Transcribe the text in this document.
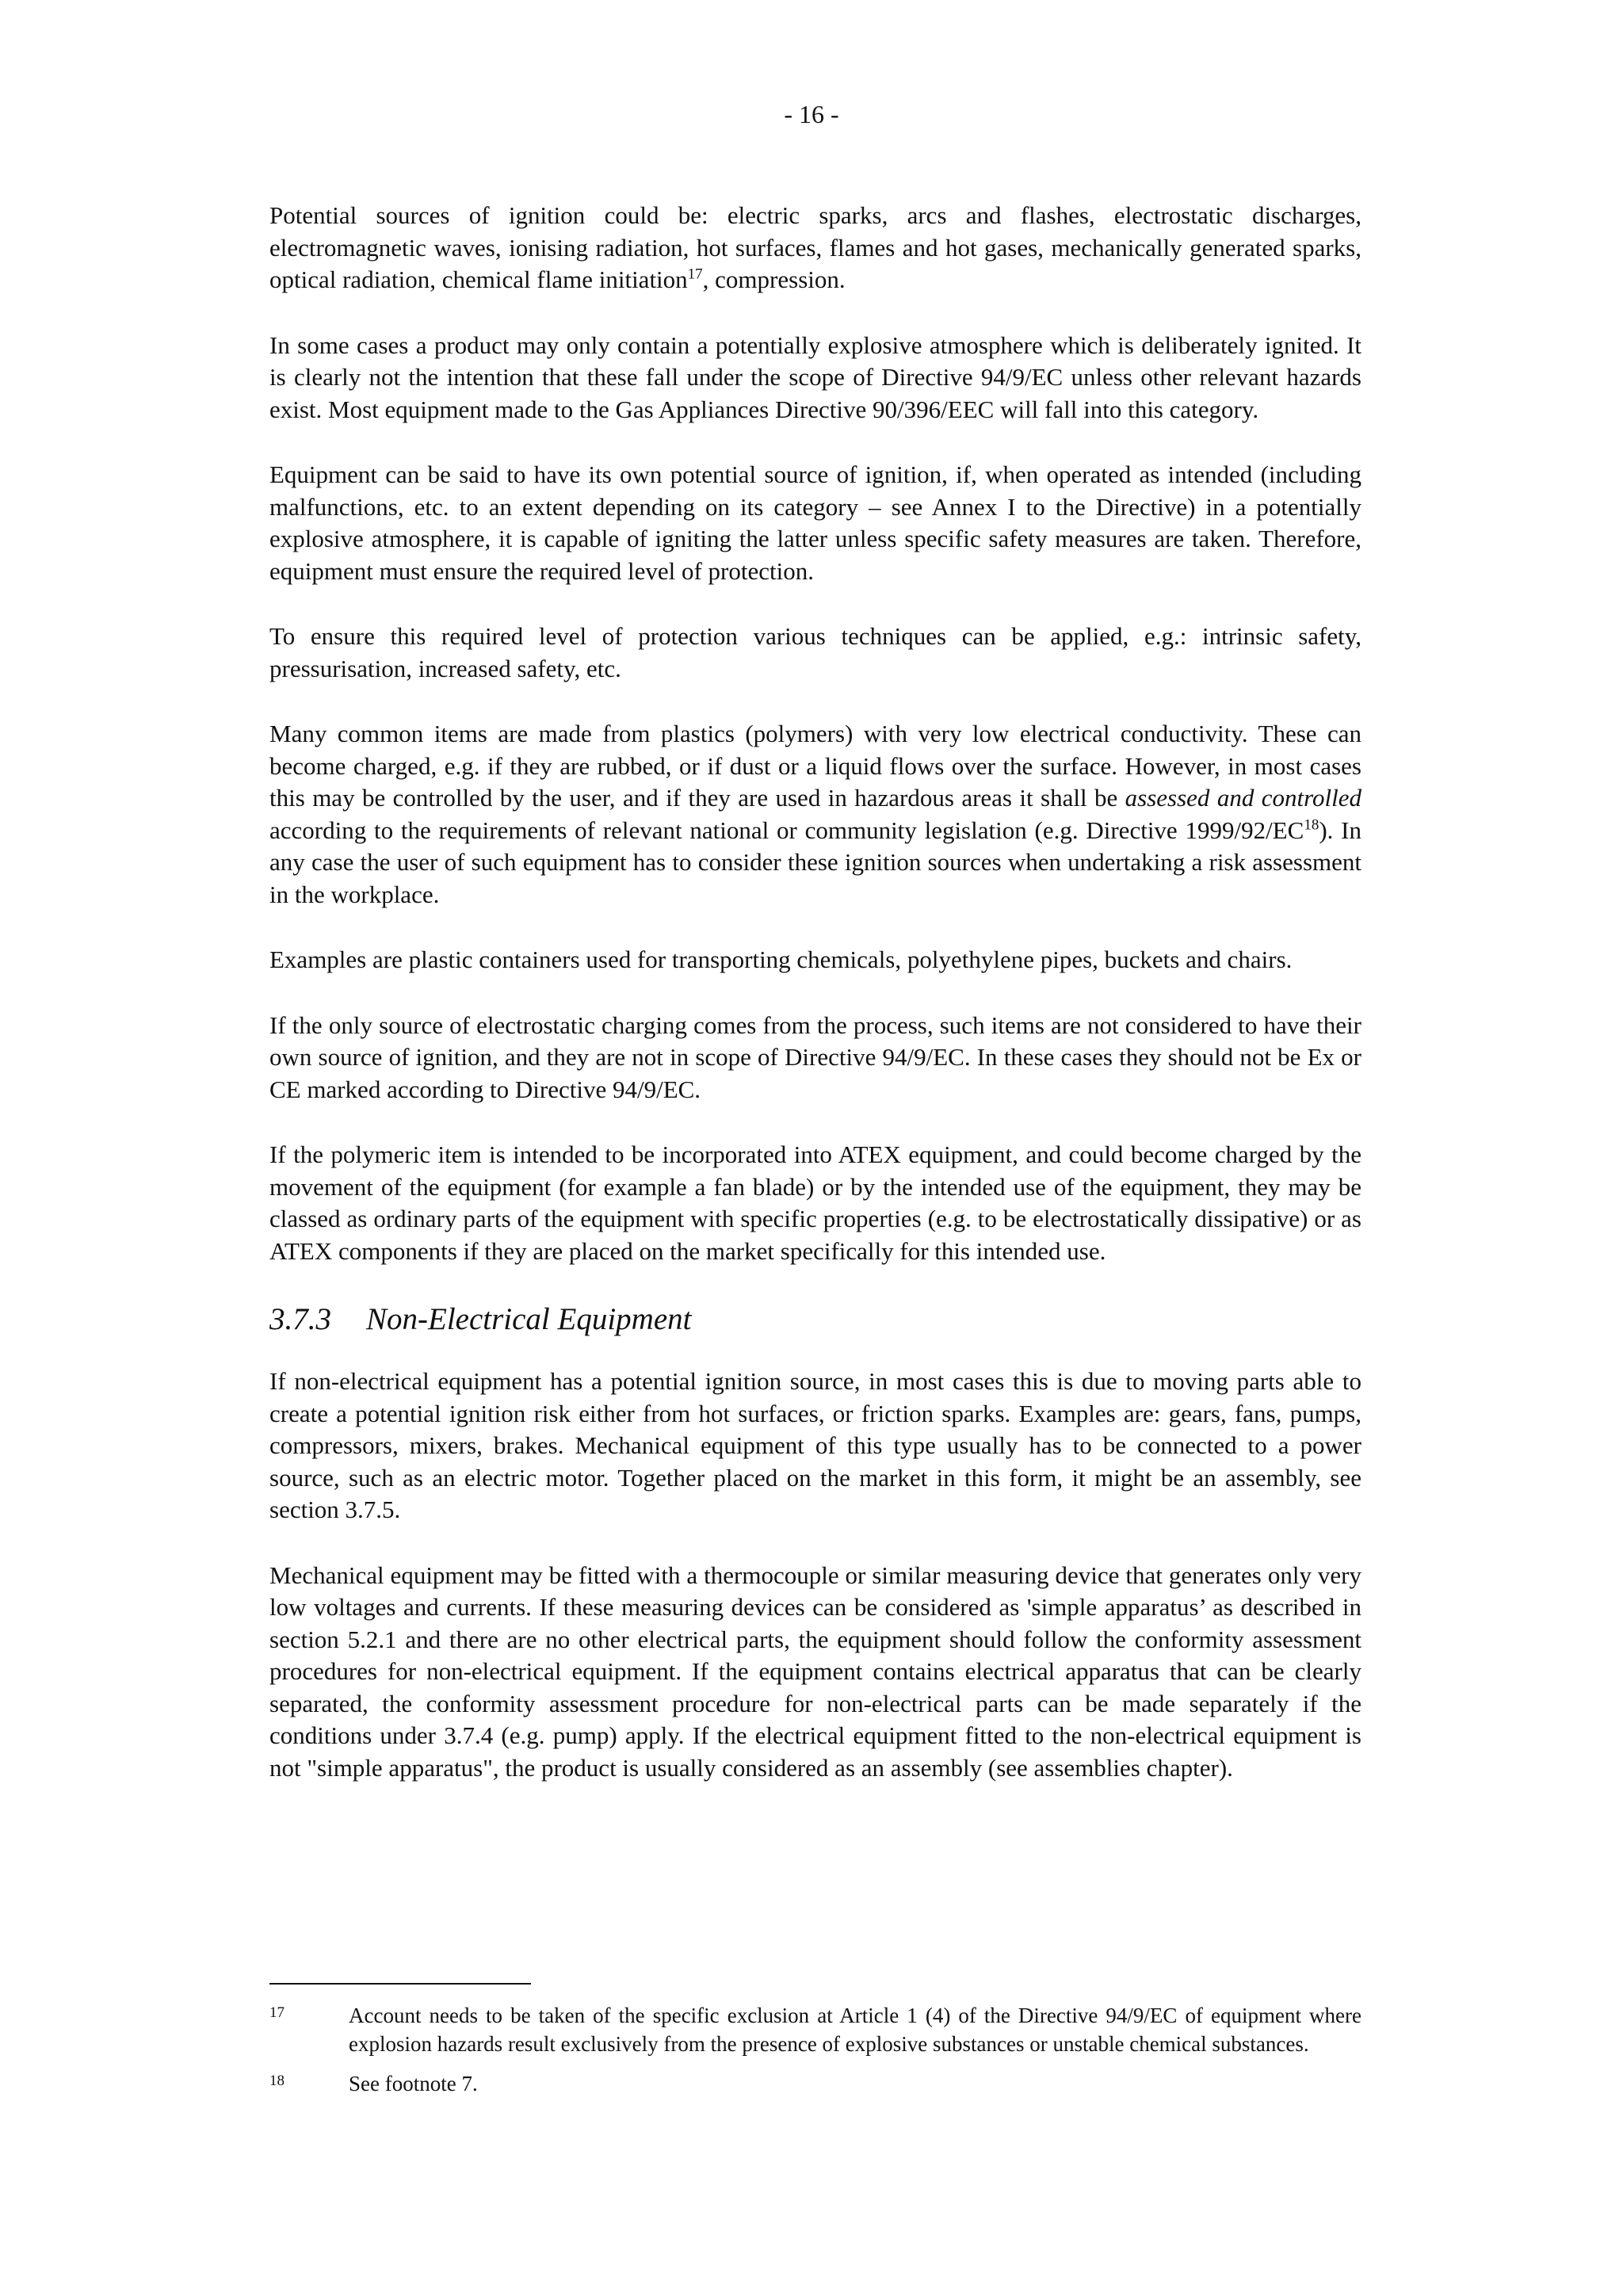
- 16 -

Potential sources of ignition could be: electric sparks, arcs and flashes, electrostatic discharges, electromagnetic waves, ionising radiation, hot surfaces, flames and hot gases, mechanically generated sparks, optical radiation, chemical flame initiation$^{17}$, compression.

In some cases a product may only contain a potentially explosive atmosphere which is deliberately ignited. It is clearly not the intention that these fall under the scope of Directive 94/9/EC unless other relevant hazards exist. Most equipment made to the Gas Appliances Directive 90/396/EEC will fall into this category.

Equipment can be said to have its own potential source of ignition, if, when operated as intended (including malfunctions, etc. to an extent depending on its category – see Annex I to the Directive) in a potentially explosive atmosphere, it is capable of igniting the latter unless specific safety measures are taken. Therefore, equipment must ensure the required level of protection.

To ensure this required level of protection various techniques can be applied, e.g.: intrinsic safety, pressurisation, increased safety, etc.

Many common items are made from plastics (polymers) with very low electrical conductivity. These can become charged, e.g. if they are rubbed, or if dust or a liquid flows over the surface. However, in most cases this may be controlled by the user, and if they are used in hazardous areas it shall be assessed and controlled according to the requirements of relevant national or community legislation (e.g. Directive 1999/92/EC$^{18}$). In any case the user of such equipment has to consider these ignition sources when undertaking a risk assessment in the workplace.

Examples are plastic containers used for transporting chemicals, polyethylene pipes, buckets and chairs.

If the only source of electrostatic charging comes from the process, such items are not considered to have their own source of ignition, and they are not in scope of Directive 94/9/EC. In these cases they should not be Ex or CE marked according to Directive 94/9/EC.

If the polymeric item is intended to be incorporated into ATEX equipment, and could become charged by the movement of the equipment (for example a fan blade) or by the intended use of the equipment, they may be classed as ordinary parts of the equipment with specific properties (e.g. to be electrostatically dissipative) or as ATEX components if they are placed on the market specifically for this intended use.

3.7.3 Non-Electrical Equipment

If non-electrical equipment has a potential ignition source, in most cases this is due to moving parts able to create a potential ignition risk either from hot surfaces, or friction sparks. Examples are: gears, fans, pumps, compressors, mixers, brakes. Mechanical equipment of this type usually has to be connected to a power source, such as an electric motor. Together placed on the market in this form, it might be an assembly, see section 3.7.5.

Mechanical equipment may be fitted with a thermocouple or similar measuring device that generates only very low voltages and currents. If these measuring devices can be considered as 'simple apparatus’ as described in section 5.2.1 and there are no other electrical parts, the equipment should follow the conformity assessment procedures for non-electrical equipment. If the equipment contains electrical apparatus that can be clearly separated, the conformity assessment procedure for non-electrical parts can be made separately if the conditions under 3.7.4 (e.g. pump) apply. If the electrical equipment fitted to the non-electrical equipment is not "simple apparatus", the product is usually considered as an assembly (see assemblies chapter).

17	Account needs to be taken of the specific exclusion at Article 1 (4) of the Directive 94/9/EC of equipment where explosion hazards result exclusively from the presence of explosive substances or unstable chemical substances.
18	See footnote 7.
